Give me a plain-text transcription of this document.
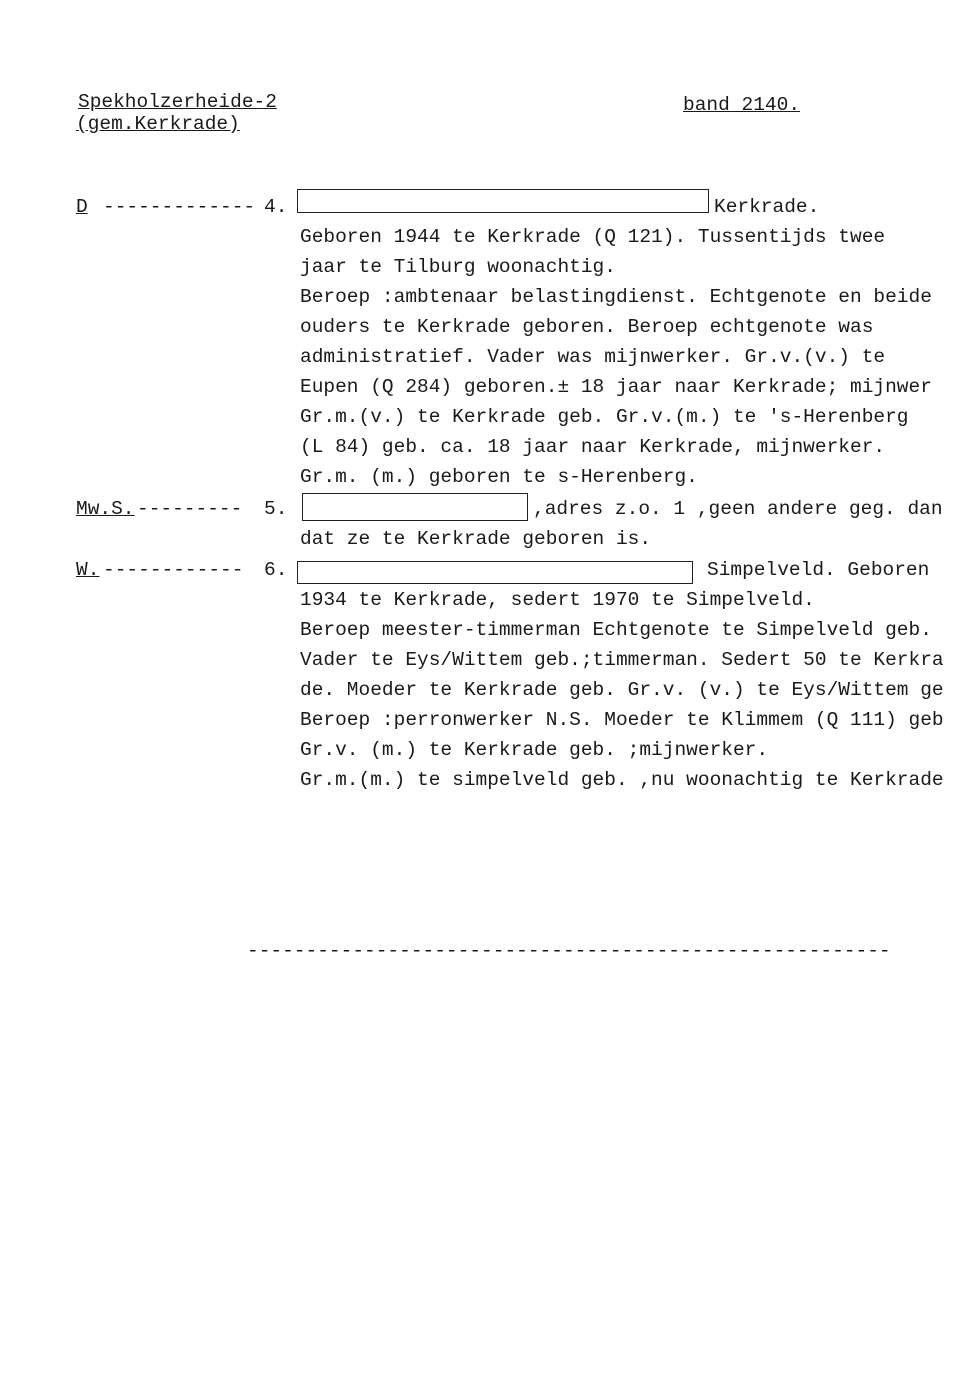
Spekholzerheide-2
(gem.Kerkrade)
band 2140.
D ------------- 4.	Kerkrade.
Geboren 1944 te Kerkrade (Q 121). Tussentijds twee
jaar te Tilburg woonachtig.
Beroep :ambtenaar belastingdienst. Echtgenote en beide
ouders te Kerkrade geboren. Beroep echtgenote was
administratief. Vader was mijnwerker. Gr.v.(v.) te
Eupen (Q 284) geboren.± 18 jaar naar Kerkrade; mijnwer
Gr.m.(v.) te Kerkrade geb. Gr.v.(m.) te 's-Herenberg
(L 84) geb. ca. 18 jaar naar Kerkrade, mijnwerker.
Gr.m. (m.) geboren te s-Herenberg.
Mw.S. --------- 5.	,adres z.o. 1 ,geen andere geg. dan
dat ze te Kerkrade geboren is.
W. ------------ 6.	Simpelveld. Geboren
1934 te Kerkrade, sedert 1970 te Simpelveld.
Beroep meester-timmerman Echtgenote te Simpelveld geb.
Vader te Eys/Wittem geb.;timmerman. Sedert 50 te Kerkra
de. Moeder te Kerkrade geb. Gr.v. (v.) te Eys/Wittem ge
Beroep :perronwerker N.S. Moeder te Klimmem (Q 111) geb
Gr.v. (m.) te Kerkrade geb. ;mijnwerker.
Gr.m.(m.) te simpelveld geb. ,nu woonachtig te Kerkrade
-------------------------------------------------------
